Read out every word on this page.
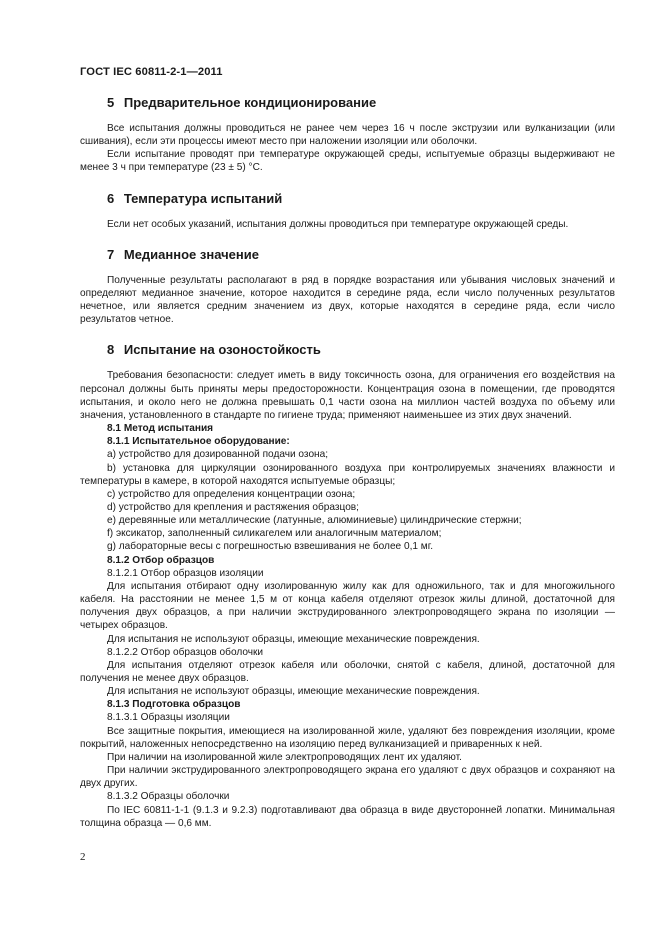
ГОСТ IEC 60811-2-1—2011
5 Предварительное кондиционирование

Все испытания должны проводиться не ранее чем через 16 ч после экструзии или вулканизации (или сшивания), если эти процессы имеют место при наложении изоляции или оболочки.

Если испытание проводят при температуре окружающей среды, испытуемые образцы выдерживают не менее 3 ч при температуре (23 ± 5) °С.

6 Температура испытаний

Если нет особых указаний, испытания должны проводиться при температуре окружающей среды.

7 Медианное значение

Полученные результаты располагают в ряд в порядке возрастания или убывания числовых значений и определяют медианное значение, которое находится в середине ряда, если число полученных результатов нечетное, или является средним значением из двух, которые находятся в середине ряда, если число результатов четное.

8 Испытание на озоностойкость

Требования безопасности: следует иметь в виду токсичность озона, для ограничения его воздействия на персонал должны быть приняты меры предосторожности. Концентрация озона в помещении, где проводятся испытания, и около него не должна превышать 0,1 части озона на миллион частей воздуха по объему или значения, установленного в стандарте по гигиене труда; применяют наименьшее из этих двух значений.

8.1 Метод испытания

8.1.1 Испытательное оборудование:

a) устройство для дозированной подачи озона;

b) установка для циркуляции озонированного воздуха при контролируемых значениях влажности и температуры в камере, в которой находятся испытуемые образцы;

c) устройство для определения концентрации озона;

d) устройство для крепления и растяжения образцов;

e) деревянные или металлические (латунные, алюминиевые) цилиндрические стержни;

f) эксикатор, заполненный силикагелем или аналогичным материалом;

g) лабораторные весы с погрешностью взвешивания не более 0,1 мг.

8.1.2 Отбор образцов

8.1.2.1 Отбор образцов изоляции

Для испытания отбирают одну изолированную жилу как для одножильного, так и для многожильного кабеля. На расстоянии не менее 1,5 м от конца кабеля отделяют отрезок жилы длиной, достаточной для получения двух образцов, а при наличии экструдированного электропроводящего экрана по изоляции — четырех образцов.

Для испытания не используют образцы, имеющие механические повреждения.

8.1.2.2 Отбор образцов оболочки

Для испытания отделяют отрезок кабеля или оболочки, снятой с кабеля, длиной, достаточной для получения не менее двух образцов.

Для испытания не используют образцы, имеющие механические повреждения.

8.1.3 Подготовка образцов

8.1.3.1 Образцы изоляции

Все защитные покрытия, имеющиеся на изолированной жиле, удаляют без повреждения изоляции, кроме покрытий, наложенных непосредственно на изоляцию перед вулканизацией и приваренных к ней.

При наличии на изолированной жиле электропроводящих лент их удаляют.

При наличии экструдированного электропроводящего экрана его удаляют с двух образцов и сохраняют на двух других.

8.1.3.2 Образцы оболочки

По IEC 60811-1-1 (9.1.3 и 9.2.3) подготавливают два образца в виде двусторонней лопатки. Минимальная толщина образца — 0,6 мм.

2
